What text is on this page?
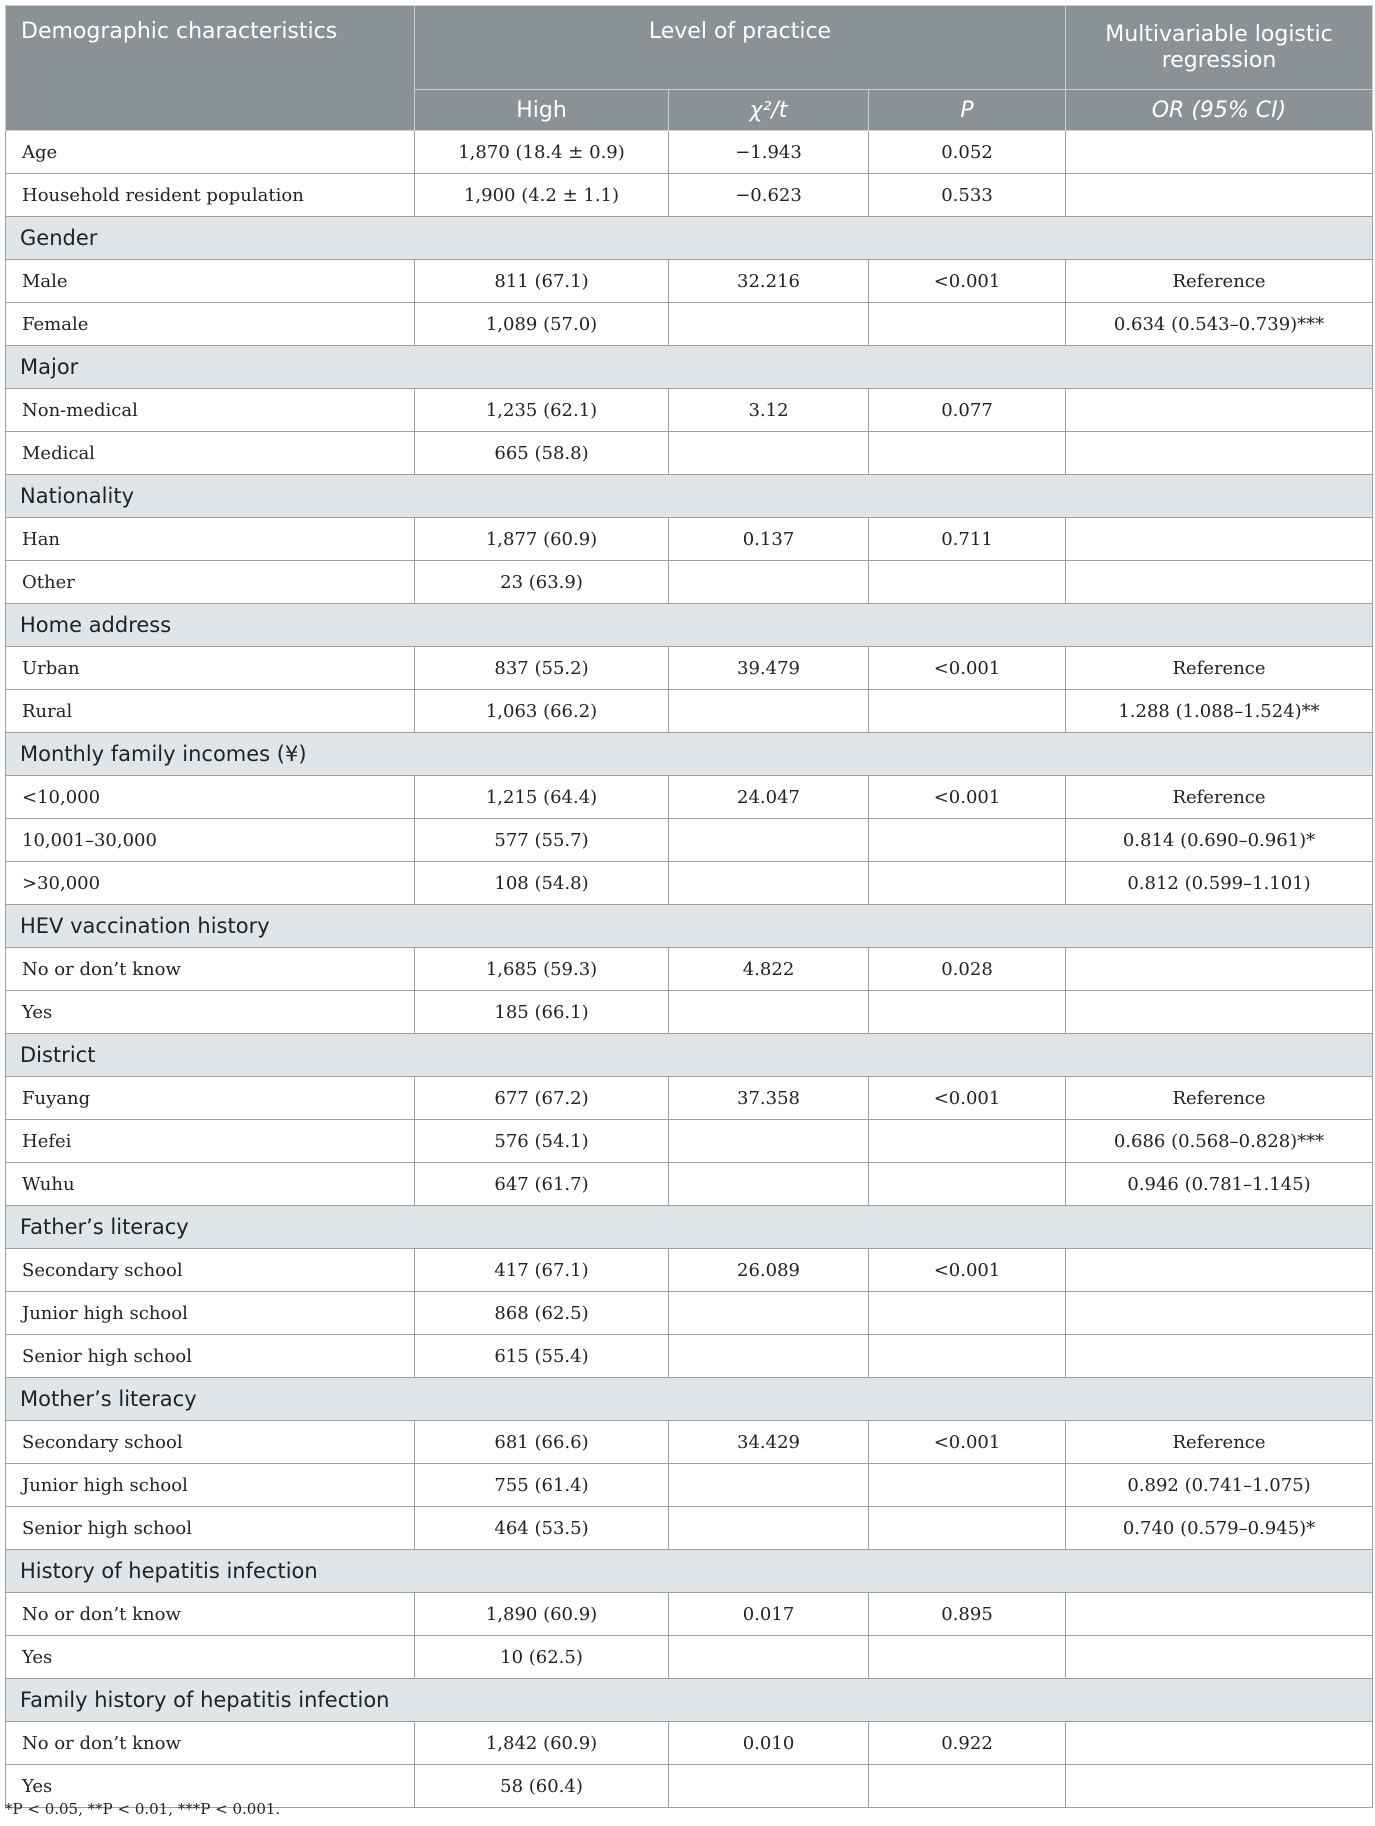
Demographic characteristics	Level of practice			Multivariable logistic regression
	High	χ²/t	P	OR (95% CI)
Age	1,870 (18.4 ± 0.9)	−1.943	0.052	
Household resident population	1,900 (4.2 ± 1.1)	−0.623	0.533	
Gender				
Male	811 (67.1)	32.216	<0.001	Reference
Female	1,089 (57.0)			0.634 (0.543–0.739)***
Major				
Non-medical	1,235 (62.1)	3.12	0.077	
Medical	665 (58.8)			
Nationality				
Han	1,877 (60.9)	0.137	0.711	
Other	23 (63.9)			
Home address				
Urban	837 (55.2)	39.479	<0.001	Reference
Rural	1,063 (66.2)			1.288 (1.088–1.524)**
Monthly family incomes (¥)				
<10,000	1,215 (64.4)	24.047	<0.001	Reference
10,001–30,000	577 (55.7)			0.814 (0.690–0.961)*
>30,000	108 (54.8)			0.812 (0.599–1.101)
HEV vaccination history				
No or don’t know	1,685 (59.3)	4.822	0.028	
Yes	185 (66.1)			
District				
Fuyang	677 (67.2)	37.358	<0.001	Reference
Hefei	576 (54.1)			0.686 (0.568–0.828)***
Wuhu	647 (61.7)			0.946 (0.781–1.145)
Father’s literacy				
Secondary school	417 (67.1)	26.089	<0.001	
Junior high school	868 (62.5)			
Senior high school	615 (55.4)			
Mother’s literacy				
Secondary school	681 (66.6)	34.429	<0.001	Reference
Junior high school	755 (61.4)			0.892 (0.741–1.075)
Senior high school	464 (53.5)			0.740 (0.579–0.945)*
History of hepatitis infection				
No or don’t know	1,890 (60.9)	0.017	0.895	
Yes	10 (62.5)			
Family history of hepatitis infection				
No or don’t know	1,842 (60.9)	0.010	0.922	
Yes	58 (60.4)			
*P < 0.05, **P < 0.01, ***P < 0.001.
